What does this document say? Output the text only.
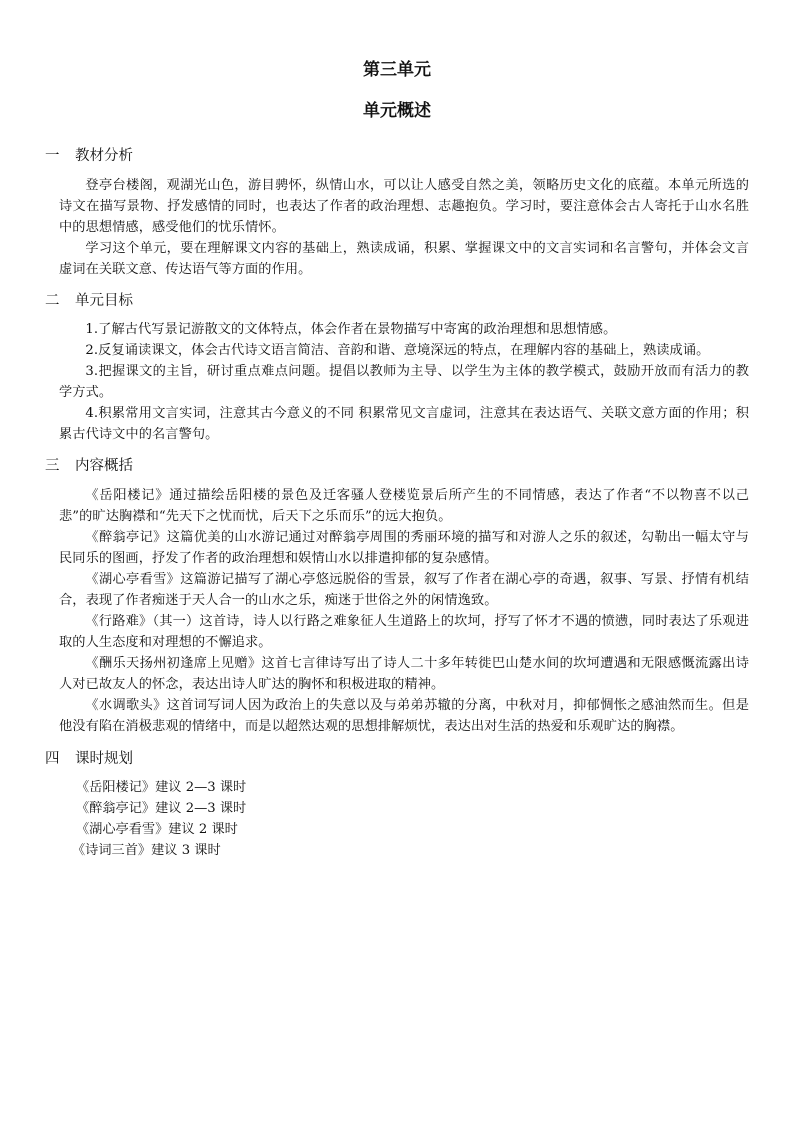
第三单元
单元概述
一 教材分析
登亭台楼阁，观湖光山色，游目骋怀，纵情山水，可以让人感受自然之美，领略历史文化的底蕴。本单元所选的诗文在描写景物、抒发感情的同时，也表达了作者的政治理想、志趣抱负。学习时，要注意体会古人寄托于山水名胜中的思想情感，感受他们的忧乐情怀。
学习这个单元，要在理解课文内容的基础上，熟读成诵，积累、掌握课文中的文言实词和名言警句，并体会文言虚词在关联文意、传达语气等方面的作用。
二 单元目标
1.了解古代写景记游散文的文体特点，体会作者在景物描写中寄寓的政治理想和思想情感。
2.反复诵读课文，体会古代诗文语言简洁、音韵和谐、意境深远的特点，在理解内容的基础上，熟读成诵。
3.把握课文的主旨，研讨重点难点问题。提倡以教师为主导、以学生为主体的教学模式，鼓励开放而有活力的教学方式。
4.积累常用文言实词，注意其古今意义的不同 积累常见文言虚词，注意其在表达语气、关联文意方面的作用；积累古代诗文中的名言警句。
三 内容概括
《岳阳楼记》通过描绘岳阳楼的景色及迁客骚人登楼览景后所产生的不同情感，表达了作者“不以物喜不以己悲”的旷达胸襟和“先天下之忧而忧，后天下之乐而乐”的远大抱负。
《醉翁亭记》这篇优美的山水游记通过对醉翁亭周围的秀丽环境的描写和对游人之乐的叙述，勾勒出一幅太守与民同乐的图画，抒发了作者的政治理想和娱情山水以排遣抑郁的复杂感情。
《湖心亭看雪》这篇游记描写了湖心亭悠远脱俗的雪景，叙写了作者在湖心亭的奇遇，叙事、写景、抒情有机结合，表现了作者痴迷于天人合一的山水之乐，痴迷于世俗之外的闲情逸致。
《行路难》（其一）这首诗，诗人以行路之难象征人生道路上的坎坷，抒写了怀才不遇的愤懑，同时表达了乐观进取的人生态度和对理想的不懈追求。
《酬乐天扬州初逢席上见赠》这首七言律诗写出了诗人二十多年转徙巴山楚水间的坎坷遭遇和无限感慨流露出诗人对已故友人的怀念，表达出诗人旷达的胸怀和积极进取的精神。
《水调歌头》这首词写词人因为政治上的失意以及与弟弟苏辙的分离，中秋对月，抑郁惆怅之感油然而生。但是他没有陷在消极悲观的情绪中，而是以超然达观的思想排解烦忧，表达出对生活的热爱和乐观旷达的胸襟。
四 课时规划
《岳阳楼记》建议 2—3 课时
《醉翁亭记》建议 2—3 课时
《湖心亭看雪》建议 2 课时
《诗词三首》建议 3 课时
